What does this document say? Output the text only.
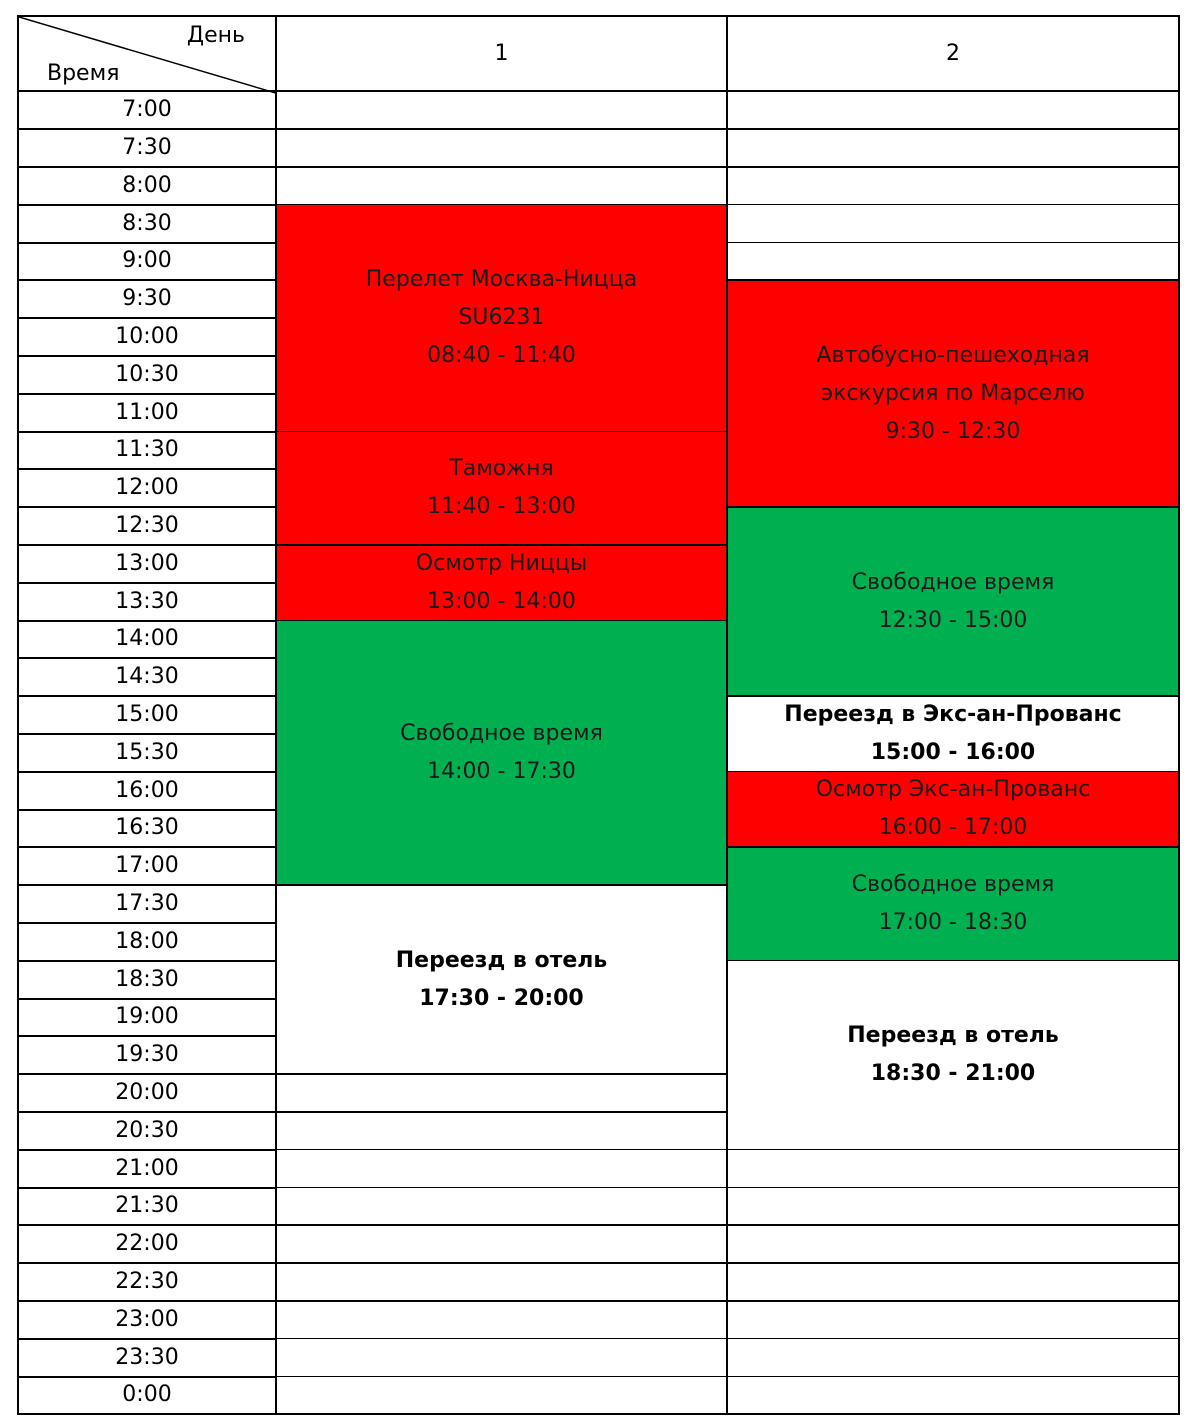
День
Время
1	2
7:00
7:30
8:00
8:30
9:00
9:30
10:00
10:30
11:00
11:30
12:00
12:30
13:00
13:30
14:00
14:30
15:00
15:30
16:00
16:30
17:00
17:30
18:00
18:30
19:00
19:30
20:00
20:30
21:00
21:30
22:00
22:30
23:00
23:30
0:00
Перелет Москва-Ницца
SU6231
08:40 - 11:40
Таможня
11:40 - 13:00
Осмотр Ниццы
13:00 - 14:00
Свободное время
14:00 - 17:30
Переезд в отель
17:30 - 20:00
Автобусно-пешеходная
экскурсия по Марселю
9:30 - 12:30
Свободное время
12:30 - 15:00
Переезд в Экс-ан-Прованс
15:00 - 16:00
Осмотр Экс-ан-Прованс
16:00 - 17:00
Свободное время
17:00 - 18:30
Переезд в отель
18:30 - 21:00
